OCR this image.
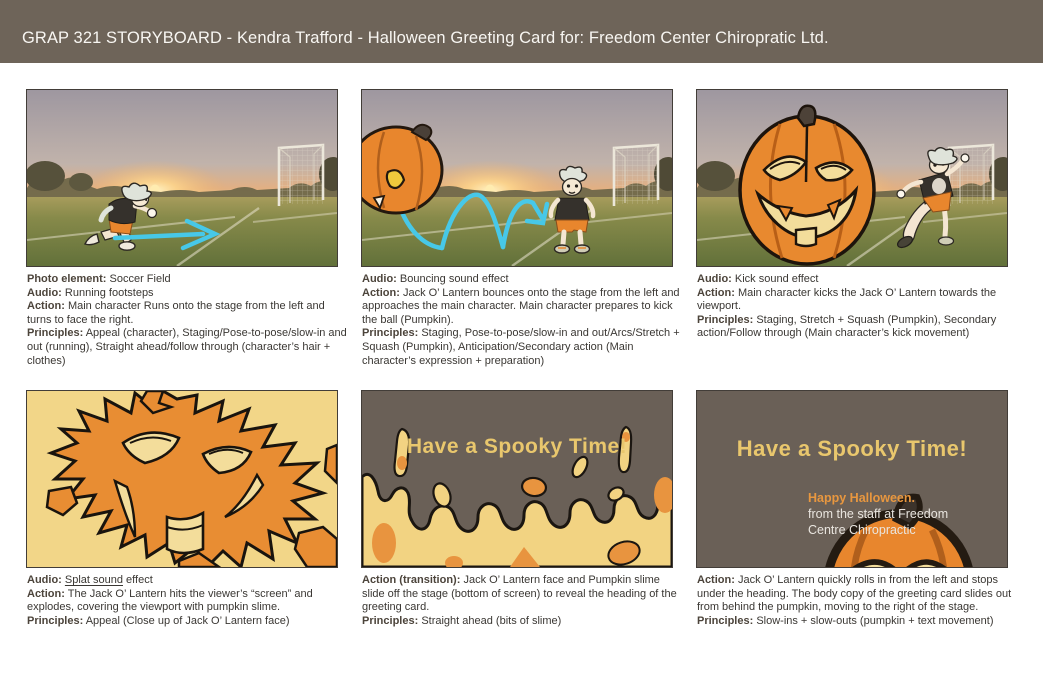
GRAP 321 STORYBOARD - Kendra Trafford - Halloween Greeting Card for: Freedom Center Chiropratic Ltd.
Have a Spooky Time!	Have a Spooky Time!
Happy Halloween.
from the staff at Freedom
Centre Chiropractic
Photo element: Soccer Field
Audio: Running footsteps
Action: Main character Runs onto the stage from the left and turns to face the right.
Principles: Appeal (character), Staging/Pose-to-pose/slow-in and out (running), Straight ahead/follow through (character’s hair + clothes)
Audio: Bouncing sound effect
Action: Jack O’ Lantern bounces onto the stage from the left and approaches the main character. Main character prepares to kick the ball (Pumpkin).
Principles: Staging, Pose-to-pose/slow-in and out/Arcs/Stretch + Squash (Pumpkin), Anticipation/Secondary action (Main character’s expression + preparation)
Audio: Kick sound effect
Action: Main character kicks the Jack O’ Lantern towards the viewport.
Principles: Staging, Stretch + Squash (Pumpkin), Secondary action/Follow through (Main character’s kick movement)
Audio: Splat sound effect
Action: The Jack O’ Lantern hits the viewer’s “screen” and explodes, covering the viewport with pumpkin slime.
Principles: Appeal (Close up of Jack O’ Lantern face)
Action (transition): Jack O’ Lantern face and Pumpkin slime slide off the stage (bottom of screen) to reveal the heading of the greeting card.
Principles: Straight ahead (bits of slime)
Action: Jack O’ Lantern quickly rolls in from the left and stops under the heading. The body copy of the greeting card slides out from behind the pumpkin, moving to the right of the stage.
Principles: Slow-ins + slow-outs (pumpkin + text movement)
